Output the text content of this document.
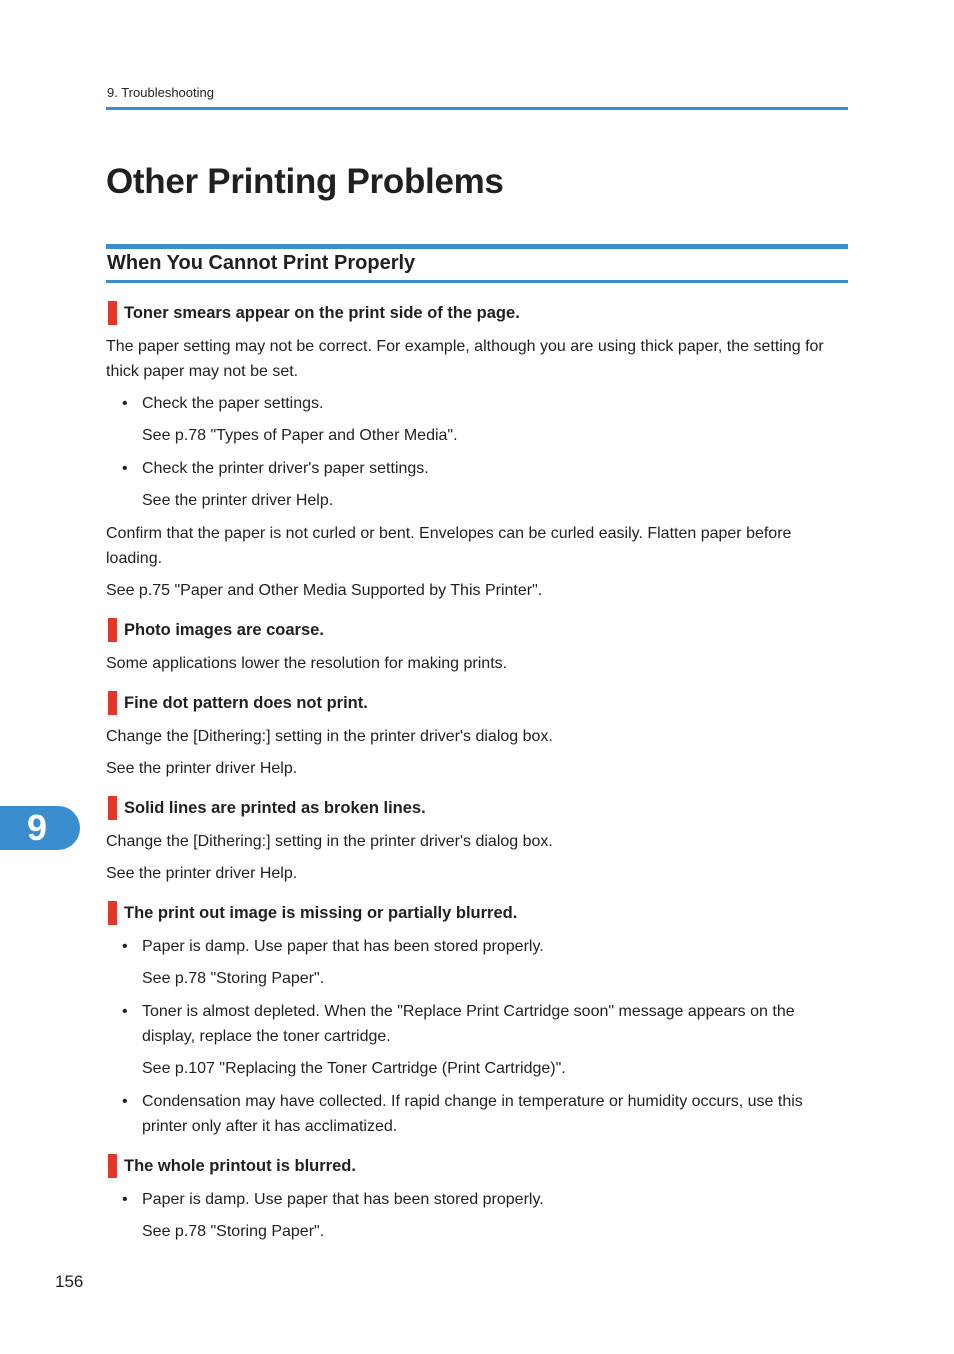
9. Troubleshooting
Other Printing Problems
When You Cannot Print Properly
Toner smears appear on the print side of the page.

The paper setting may not be correct. For example, although you are using thick paper, the setting for thick paper may not be set.

• Check the paper settings.

See p.78 "Types of Paper and Other Media".

• Check the printer driver's paper settings.

See the printer driver Help.

Confirm that the paper is not curled or bent. Envelopes can be curled easily. Flatten paper before loading.

See p.75 "Paper and Other Media Supported by This Printer".

Photo images are coarse.

Some applications lower the resolution for making prints.

Fine dot pattern does not print.

Change the [Dithering:] setting in the printer driver's dialog box.

See the printer driver Help.

Solid lines are printed as broken lines.

Change the [Dithering:] setting in the printer driver's dialog box.

See the printer driver Help.

The print out image is missing or partially blurred.
• Paper is damp. Use paper that has been stored properly.

See p.78 "Storing Paper".

• Toner is almost depleted. When the "Replace Print Cartridge soon" message appears on the display, replace the toner cartridge.

See p.107 "Replacing the Toner Cartridge (Print Cartridge)".

• Condensation may have collected. If rapid change in temperature or humidity occurs, use this printer only after it has acclimatized.

The whole printout is blurred.
• Paper is damp. Use paper that has been stored properly.

See p.78 "Storing Paper".

9
156
